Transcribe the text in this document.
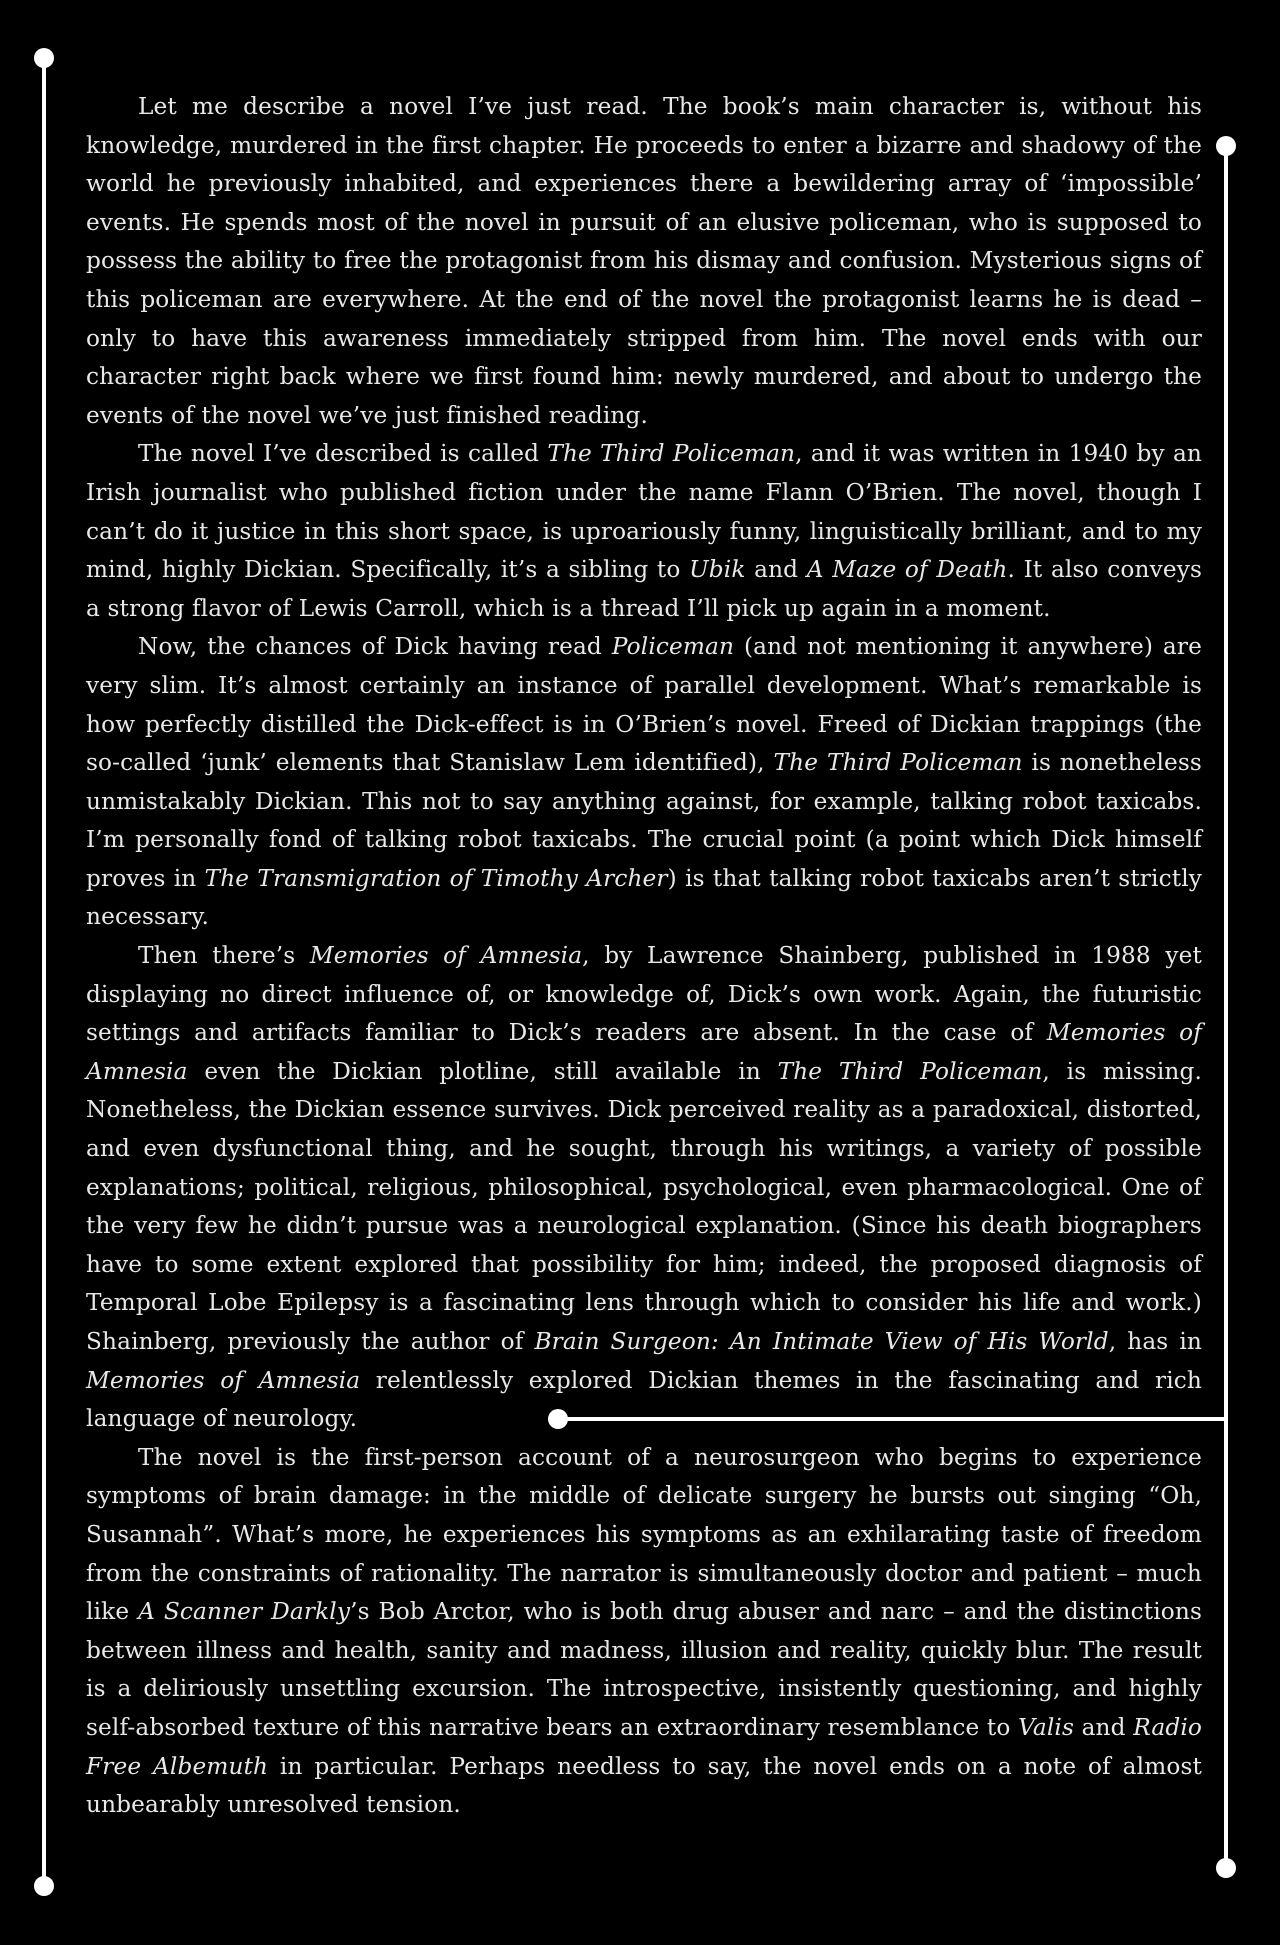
Let me describe a novel I’ve just read. The book’s main character is, without his knowledge, murdered in the first chapter. He proceeds to enter a bizarre and shadowy of the world he previously inhabited, and experiences there a bewildering array of ‘impossible’ events. He spends most of the novel in pursuit of an elusive policeman, who is supposed to possess the ability to free the protagonist from his dismay and confusion. Mysterious signs of this policeman are everywhere. At the end of the novel the protagonist learns he is dead – only to have this awareness immediately stripped from him. The novel ends with our character right back where we first found him: newly murdered, and about to undergo the events of the novel we’ve just finished reading.

The novel I’ve described is called The Third Policeman, and it was written in 1940 by an Irish journalist who published fiction under the name Flann O’Brien. The novel, though I can’t do it justice in this short space, is uproariously funny, linguistically brilliant, and to my mind, highly Dickian. Specifically, it’s a sibling to Ubik and A Maze of Death. It also conveys a strong flavor of Lewis Carroll, which is a thread I’ll pick up again in a moment.

Now, the chances of Dick having read Policeman (and not mentioning it anywhere) are very slim. It’s almost certainly an instance of parallel development. What’s remarkable is how perfectly distilled the Dick-effect is in O’Brien’s novel. Freed of Dickian trappings (the so-called ‘junk’ elements that Stanislaw Lem identified), The Third Policeman is nonetheless unmistakably Dickian. This not to say anything against, for example, talking robot taxicabs. I’m personally fond of talking robot taxicabs. The crucial point (a point which Dick himself proves in The Transmigration of Timothy Archer) is that talking robot taxicabs aren’t strictly necessary.

Then there’s Memories of Amnesia, by Lawrence Shainberg, published in 1988 yet displaying no direct influence of, or knowledge of, Dick’s own work. Again, the futuristic settings and artifacts familiar to Dick’s readers are absent. In the case of Memories of Amnesia even the Dickian plotline, still available in The Third Policeman, is missing. Nonetheless, the Dickian essence survives. Dick perceived reality as a paradoxical, distorted, and even dysfunctional thing, and he sought, through his writings, a variety of possible explanations; political, religious, philosophical, psychological, even pharmacological. One of the very few he didn’t pursue was a neurological explanation. (Since his death biographers have to some extent explored that possibility for him; indeed, the proposed diagnosis of Temporal Lobe Epilepsy is a fascinating lens through which to consider his life and work.) Shainberg, previously the author of Brain Surgeon: An Intimate View of His World, has in Memories of Amnesia relentlessly explored Dickian themes in the fascinating and rich language of neurology.

The novel is the first-person account of a neurosurgeon who begins to experience symptoms of brain damage: in the middle of delicate surgery he bursts out singing “Oh, Susannah”. What’s more, he experiences his symptoms as an exhilarating taste of freedom from the constraints of rationality. The narrator is simultaneously doctor and patient – much like A Scanner Darkly’s Bob Arctor, who is both drug abuser and narc – and the distinctions between illness and health, sanity and madness, illusion and reality, quickly blur. The result is a deliriously unsettling excursion. The introspective, insistently questioning, and highly self-absorbed texture of this narrative bears an extraordinary resemblance to Valis and Radio Free Albemuth in particular. Perhaps needless to say, the novel ends on a note of almost unbearably unresolved tension.
